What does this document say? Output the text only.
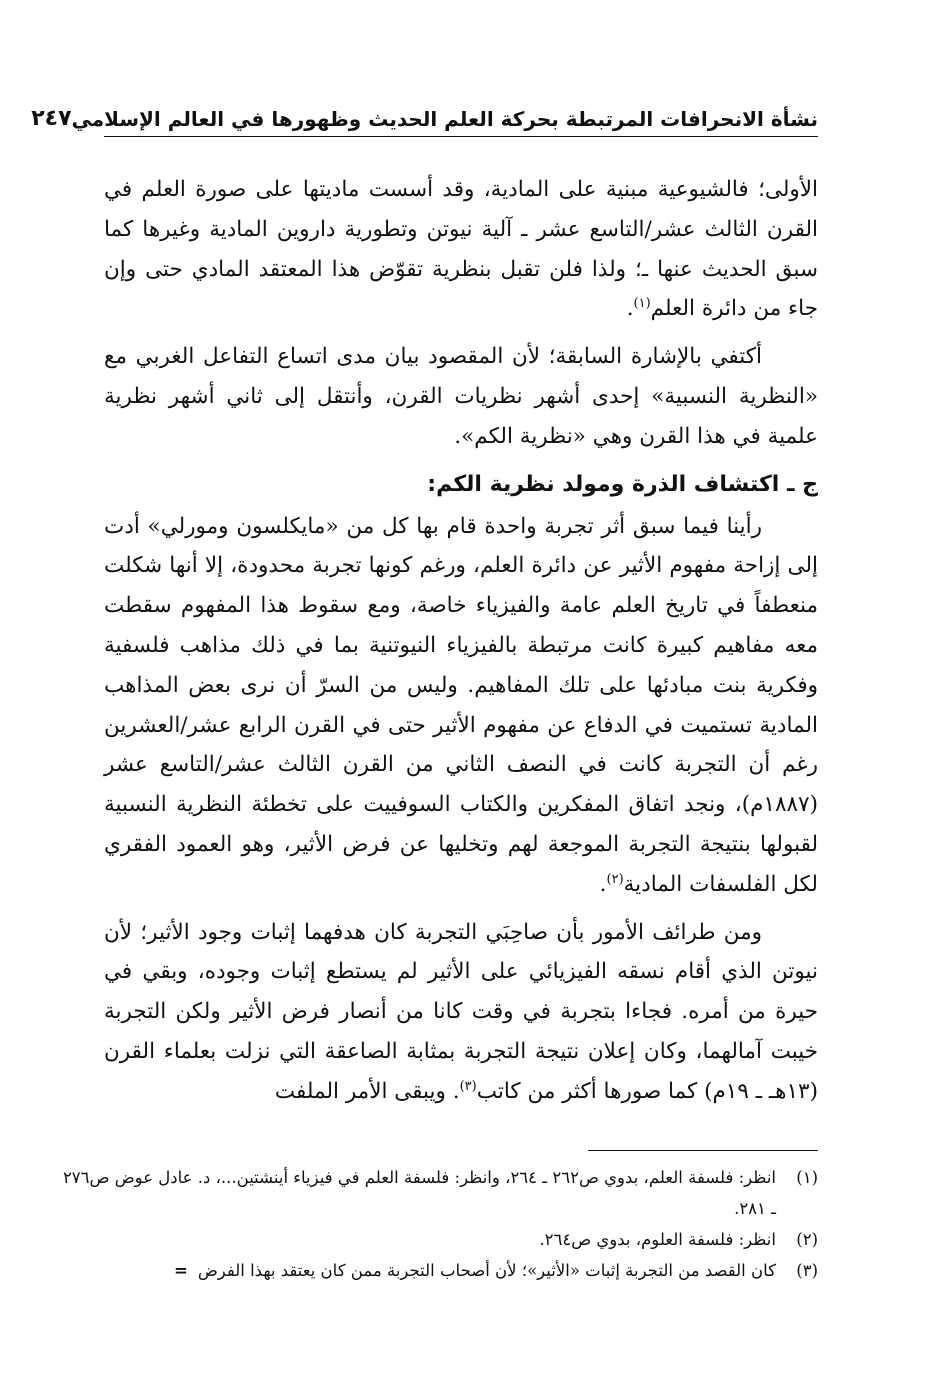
نشأة الانحرافات المرتبطة بحركة العلم الحديث وظهورها في العالم الإسلامي
٢٤٧

الأولى؛ فالشيوعية مبنية على المادية، وقد أسست ماديتها على صورة العلم في القرن الثالث عشر/التاسع عشر ـ آلية نيوتن وتطورية داروين المادية وغيرها كما سبق الحديث عنها ـ؛ ولذا فلن تقبل بنظرية تقوّض هذا المعتقد المادي حتى وإن جاء من دائرة العلم$^{(١)}$.

أكتفي بالإشارة السابقة؛ لأن المقصود بيان مدى اتساع التفاعل الغربي مع «النظرية النسبية» إحدى أشهر نظريات القرن، وأنتقل إلى ثاني أشهر نظرية علمية في هذا القرن وهي «نظرية الكم».

ج ـ اكتشاف الذرة ومولد نظرية الكم:

رأينا فيما سبق أثر تجربة واحدة قام بها كل من «مايكلسون ومورلي» أدت إلى إزاحة مفهوم الأثير عن دائرة العلم، ورغم كونها تجربة محدودة، إلا أنها شكلت منعطفاً في تاريخ العلم عامة والفيزياء خاصة، ومع سقوط هذا المفهوم سقطت معه مفاهيم كبيرة كانت مرتبطة بالفيزياء النيوتنية بما في ذلك مذاهب فلسفية وفكرية بنت مبادئها على تلك المفاهيم. وليس من السرّ أن نرى بعض المذاهب المادية تستميت في الدفاع عن مفهوم الأثير حتى في القرن الرابع عشر/العشرين رغم أن التجربة كانت في النصف الثاني من القرن الثالث عشر/التاسع عشر (١٨٨٧م)، ونجد اتفاق المفكرين والكتاب السوفييت على تخطئة النظرية النسبية لقبولها بنتيجة التجربة الموجعة لهم وتخليها عن فرض الأثير، وهو العمود الفقري لكل الفلسفات المادية$^{(٢)}$.

ومن طرائف الأمور بأن صاحِبَي التجربة كان هدفهما إثبات وجود الأثير؛ لأن نيوتن الذي أقام نسقه الفيزيائي على الأثير لم يستطع إثبات وجوده، وبقي في حيرة من أمره. فجاءا بتجربة في وقت كانا من أنصار فرض الأثير ولكن التجربة خيبت آمالهما، وكان إعلان نتيجة التجربة بمثابة الصاعقة التي نزلت بعلماء القرن (١٣هـ ـ ١٩م) كما صورها أكثر من كاتب$^{(٣)}$. ويبقى الأمر الملفت

(١)
انظر: فلسفة العلم، بدوي ص٢٦٢ ـ ٢٦٤، وانظر: فلسفة العلم في فيزياء أينشتين...، د. عادل عوض ص٢٧٦ ـ ٢٨١.
(٢)
انظر: فلسفة العلوم، بدوي ص٢٦٤.
(٣)
كان القصد من التجربة إثبات «الأثير»؛ لأن أصحاب التجربة ممن كان يعتقد بهذا الفرض=
